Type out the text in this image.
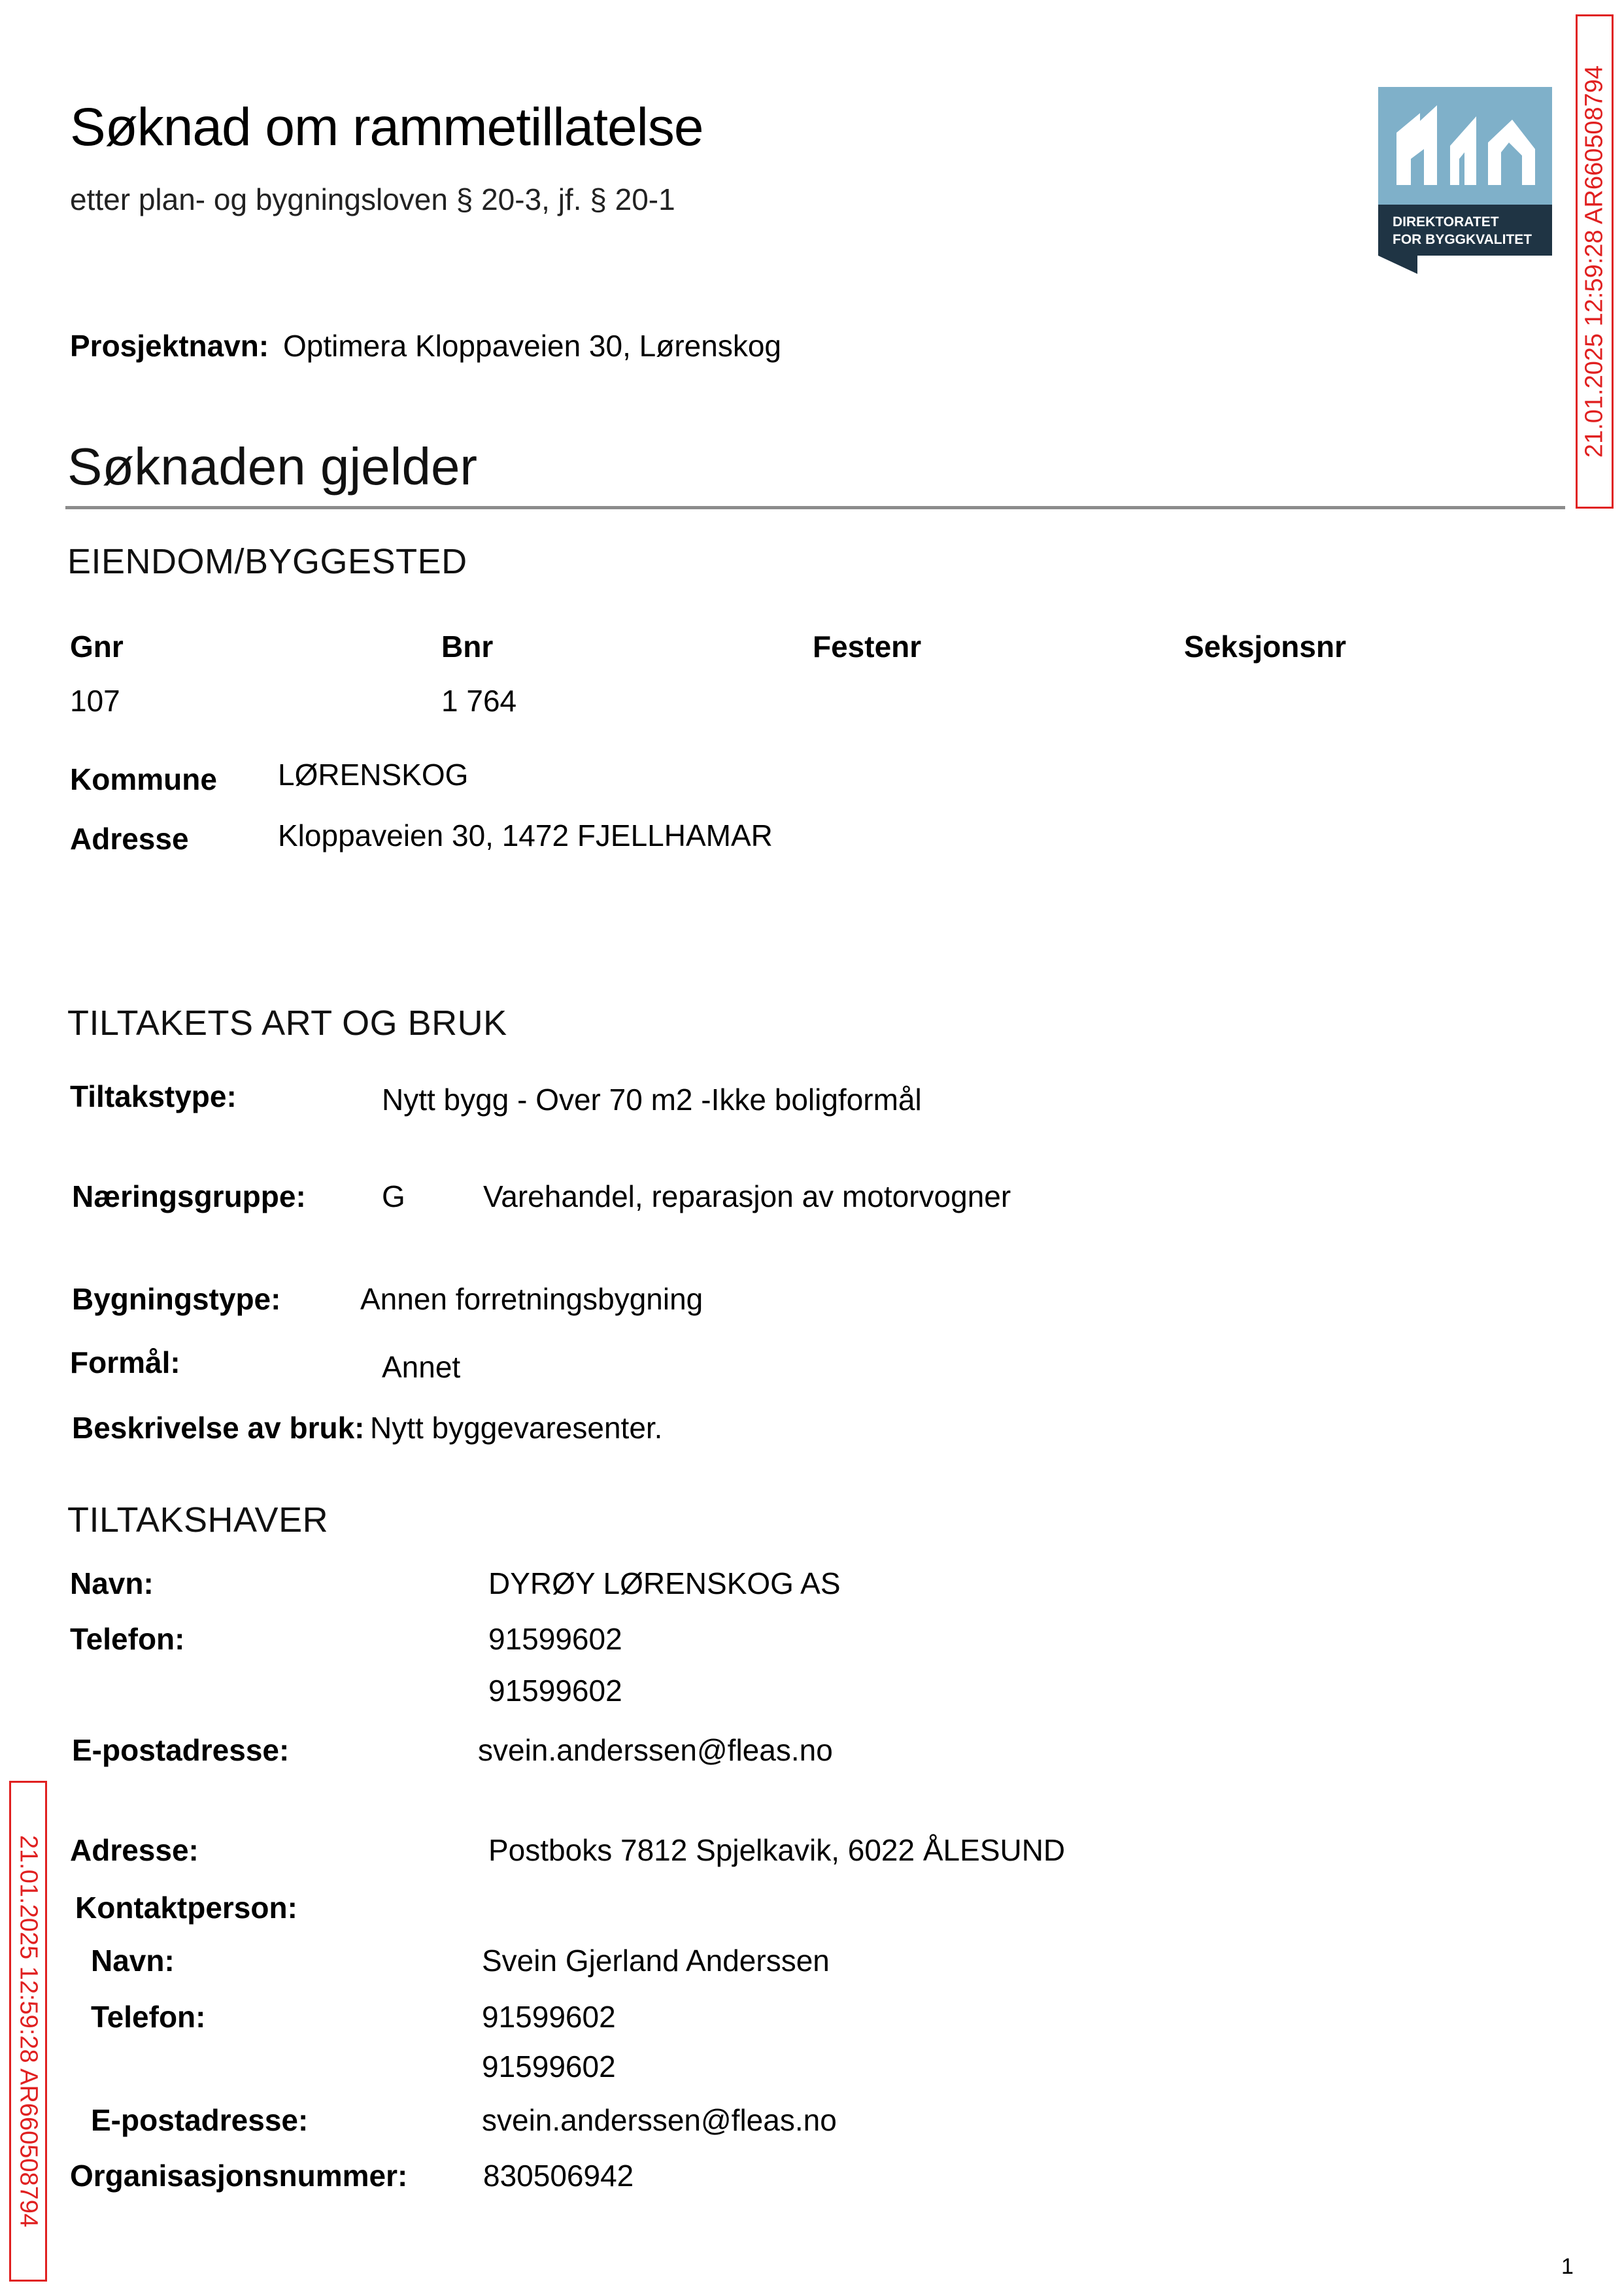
Søknad om rammetillatelse
etter plan- og bygningsloven § 20-3, jf. § 20-1
DIREKTORATET
FOR BYGGKVALITET 21.01.2025 12:59:28 AR660508794
Prosjektnavn: Optimera Kloppaveien 30, Lørenskog
Søknaden gjelder
EIENDOM/BYGGESTED
Gnr	Bnr	Festenr	Seksjonsnr
107	1 764
Kommune LØRENSKOG
Adresse	Kloppaveien 30, 1472 FJELLHAMAR
TILTAKETS ART OG BRUK
Tiltakstype:	Nytt bygg - Over 70 m2 -Ikke boligformål
Næringsgruppe:	G	Varehandel, reparasjon av motorvogner
Bygningstype:	Annen forretningsbygning
Formål:	Annet
Beskrivelse av bruk: Nytt byggevaresenter.
TILTAKSHAVER
Navn:	DYRØY LØRENSKOG AS
Telefon:	91599602
91599602
E-postadresse:	svein.anderssen@fleas.no
21.01.2025 12:59:28 AR660508794 Adresse:	Postboks 7812 Spjelkavik, 6022 ÅLESUND
Kontaktperson:
Navn:	Svein Gjerland Anderssen
Telefon:	91599602
91599602
E-postadresse:	svein.anderssen@fleas.no
Organisasjonsnummer:	830506942
1
